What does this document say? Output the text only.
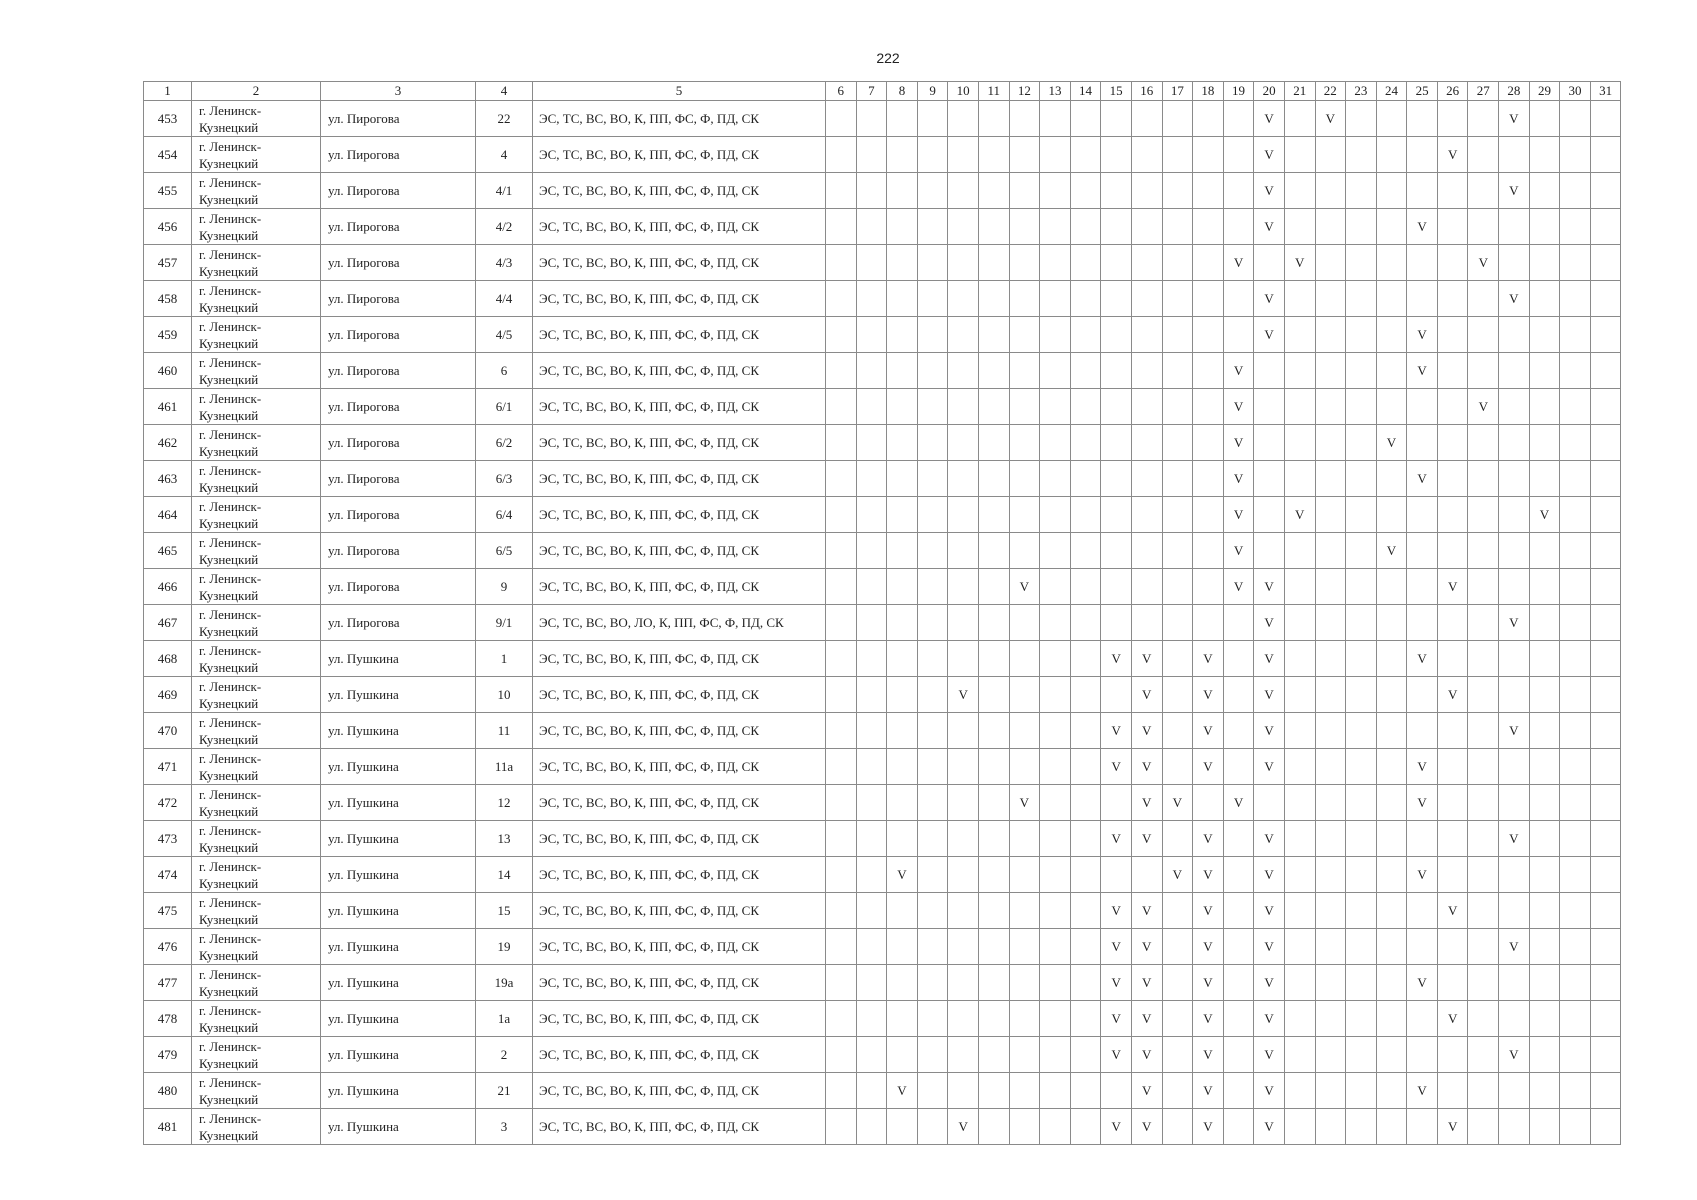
222
1	2	3	4	5	6	7	8	9	10	11	12	13	14	15	16	17	18	19	20	21	22	23	24	25	26	27	28	29	30	31
453	г. Ленинск-Кузнецкий	ул. Пирогова	22	ЭС, ТС, ВС, ВО, К, ПП, ФС, Ф, ПД, СК															V		V						V			
454	г. Ленинск-Кузнецкий	ул. Пирогова	4	ЭС, ТС, ВС, ВО, К, ПП, ФС, Ф, ПД, СК															V						V					
455	г. Ленинск-Кузнецкий	ул. Пирогова	4/1	ЭС, ТС, ВС, ВО, К, ПП, ФС, Ф, ПД, СК															V								V			
456	г. Ленинск-Кузнецкий	ул. Пирогова	4/2	ЭС, ТС, ВС, ВО, К, ПП, ФС, Ф, ПД, СК															V					V						
457	г. Ленинск-Кузнецкий	ул. Пирогова	4/3	ЭС, ТС, ВС, ВО, К, ПП, ФС, Ф, ПД, СК														V		V						V				
458	г. Ленинск-Кузнецкий	ул. Пирогова	4/4	ЭС, ТС, ВС, ВО, К, ПП, ФС, Ф, ПД, СК															V								V			
459	г. Ленинск-Кузнецкий	ул. Пирогова	4/5	ЭС, ТС, ВС, ВО, К, ПП, ФС, Ф, ПД, СК															V					V						
460	г. Ленинск-Кузнецкий	ул. Пирогова	6	ЭС, ТС, ВС, ВО, К, ПП, ФС, Ф, ПД, СК														V						V						
461	г. Ленинск-Кузнецкий	ул. Пирогова	6/1	ЭС, ТС, ВС, ВО, К, ПП, ФС, Ф, ПД, СК														V								V				
462	г. Ленинск-Кузнецкий	ул. Пирогова	6/2	ЭС, ТС, ВС, ВО, К, ПП, ФС, Ф, ПД, СК														V					V							
463	г. Ленинск-Кузнецкий	ул. Пирогова	6/3	ЭС, ТС, ВС, ВО, К, ПП, ФС, Ф, ПД, СК														V						V						
464	г. Ленинск-Кузнецкий	ул. Пирогова	6/4	ЭС, ТС, ВС, ВО, К, ПП, ФС, Ф, ПД, СК														V		V								V		
465	г. Ленинск-Кузнецкий	ул. Пирогова	6/5	ЭС, ТС, ВС, ВО, К, ПП, ФС, Ф, ПД, СК														V					V							
466	г. Ленинск-Кузнецкий	ул. Пирогова	9	ЭС, ТС, ВС, ВО, К, ПП, ФС, Ф, ПД, СК							V							V	V						V					
467	г. Ленинск-Кузнецкий	ул. Пирогова	9/1	ЭС, ТС, ВС, ВО, ЛО, К, ПП, ФС, Ф, ПД, СК															V								V			
468	г. Ленинск-Кузнецкий	ул. Пушкина	1	ЭС, ТС, ВС, ВО, К, ПП, ФС, Ф, ПД, СК										V	V		V		V					V						
469	г. Ленинск-Кузнецкий	ул. Пушкина	10	ЭС, ТС, ВС, ВО, К, ПП, ФС, Ф, ПД, СК					V						V		V		V						V					
470	г. Ленинск-Кузнецкий	ул. Пушкина	11	ЭС, ТС, ВС, ВО, К, ПП, ФС, Ф, ПД, СК										V	V		V		V								V			
471	г. Ленинск-Кузнецкий	ул. Пушкина	11а	ЭС, ТС, ВС, ВО, К, ПП, ФС, Ф, ПД, СК										V	V		V		V					V						
472	г. Ленинск-Кузнецкий	ул. Пушкина	12	ЭС, ТС, ВС, ВО, К, ПП, ФС, Ф, ПД, СК							V				V	V		V						V						
473	г. Ленинск-Кузнецкий	ул. Пушкина	13	ЭС, ТС, ВС, ВО, К, ПП, ФС, Ф, ПД, СК										V	V		V		V								V			
474	г. Ленинск-Кузнецкий	ул. Пушкина	14	ЭС, ТС, ВС, ВО, К, ПП, ФС, Ф, ПД, СК			V									V	V		V					V						
475	г. Ленинск-Кузнецкий	ул. Пушкина	15	ЭС, ТС, ВС, ВО, К, ПП, ФС, Ф, ПД, СК										V	V		V		V						V					
476	г. Ленинск-Кузнецкий	ул. Пушкина	19	ЭС, ТС, ВС, ВО, К, ПП, ФС, Ф, ПД, СК										V	V		V		V								V			
477	г. Ленинск-Кузнецкий	ул. Пушкина	19а	ЭС, ТС, ВС, ВО, К, ПП, ФС, Ф, ПД, СК										V	V		V		V					V						
478	г. Ленинск-Кузнецкий	ул. Пушкина	1а	ЭС, ТС, ВС, ВО, К, ПП, ФС, Ф, ПД, СК										V	V		V		V						V					
479	г. Ленинск-Кузнецкий	ул. Пушкина	2	ЭС, ТС, ВС, ВО, К, ПП, ФС, Ф, ПД, СК										V	V		V		V								V			
480	г. Ленинск-Кузнецкий	ул. Пушкина	21	ЭС, ТС, ВС, ВО, К, ПП, ФС, Ф, ПД, СК			V								V		V		V					V						
481	г. Ленинск-Кузнецкий	ул. Пушкина	3	ЭС, ТС, ВС, ВО, К, ПП, ФС, Ф, ПД, СК					V					V	V		V		V						V					
